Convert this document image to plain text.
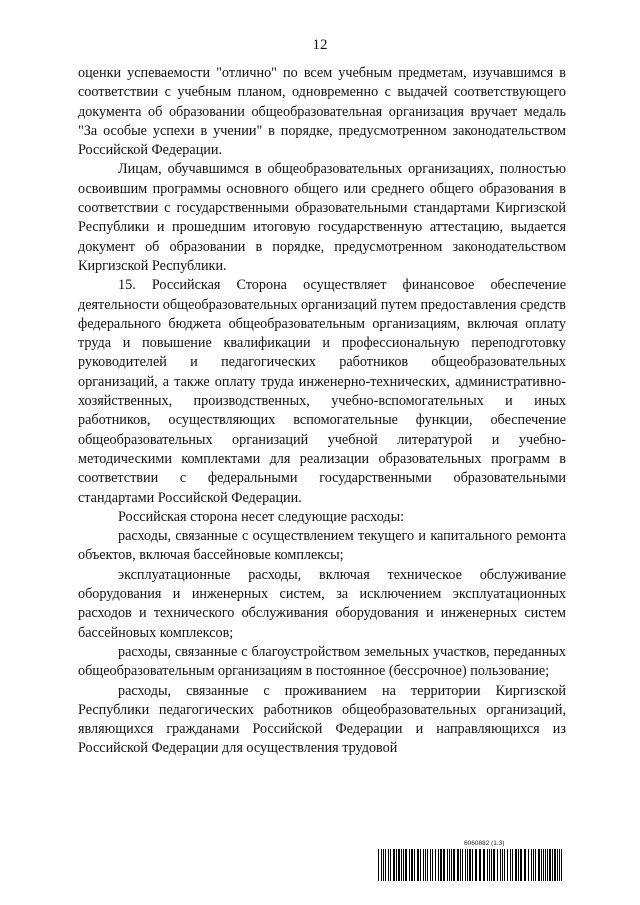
12

оценки успеваемости "отлично" по всем учебным предметам, изучавшимся в соответствии с учебным планом, одновременно с выдачей соответствующего документа об образовании общеобразовательная организация вручает медаль "За особые успехи в учении" в порядке, предусмотренном законодательством Российской Федерации.

Лицам, обучавшимся в общеобразовательных организациях, полностью освоившим программы основного общего или среднего общего образования в соответствии с государственными образовательными стандартами Киргизской Республики и прошедшим итоговую государственную аттестацию, выдается документ об образовании в порядке, предусмотренном законодательством Киргизской Республики.

15. Российская Сторона осуществляет финансовое обеспечение деятельности общеобразовательных организаций путем предоставления средств федерального бюджета общеобразовательным организациям, включая оплату труда и повышение квалификации и профессиональную переподготовку руководителей и педагогических работников общеобразовательных организаций, а также оплату труда инженерно-технических, административно-хозяйственных, производственных, учебно-вспомогательных и иных работников, осуществляющих вспомогательные функции, обеспечение общеобразовательных организаций учебной литературой и учебно-методическими комплектами для реализации образовательных программ в соответствии с федеральными государственными образовательными стандартами Российской Федерации.

Российская сторона несет следующие расходы:

расходы, связанные с осуществлением текущего и капитального ремонта объектов, включая бассейновые комплексы;

эксплуатационные расходы, включая техническое обслуживание оборудования и инженерных систем, за исключением эксплуатационных расходов и технического обслуживания оборудования и инженерных систем бассейновых комплексов;

расходы, связанные с благоустройством земельных участков, переданных общеобразовательным организациям в постоянное (бессрочное) пользование;

расходы, связанные с проживанием на территории Киргизской Республики педагогических работников общеобразовательных организаций, являющихся гражданами Российской Федерации и направляющихся из Российской Федерации для осуществления трудовой

6060882 (1.3)
